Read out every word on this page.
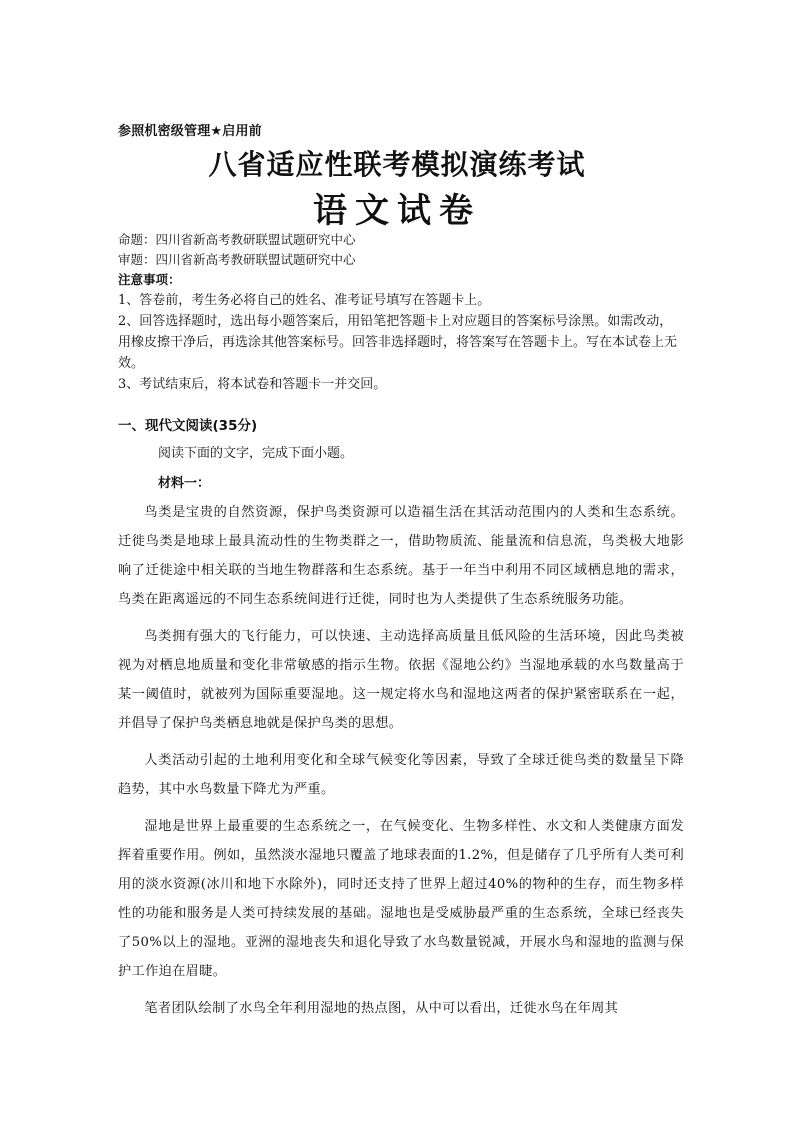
参照机密级管理★启用前
八省适应性联考模拟演练考试
语文试卷
命题：四川省新高考教研联盟试题研究中心
审题：四川省新高考教研联盟试题研究中心
注意事项：

1、答卷前，考生务必将自己的姓名、准考证号填写在答题卡上。

2、回答选择题时，选出每小题答案后，用铅笔把答题卡上对应题目的答案标号涂黑。如需改动，用橡皮擦干净后，再选涂其他答案标号。回答非选择题时，将答案写在答题卡上。写在本试卷上无效。

3、考试结束后，将本试卷和答题卡一并交回。

一、现代文阅读(35分)
阅读下面的文字，完成下面小题。
材料一：

鸟类是宝贵的自然资源，保护鸟类资源可以造福生活在其活动范围内的人类和生态系统。迁徙鸟类是地球上最具流动性的生物类群之一，借助物质流、能量流和信息流，鸟类极大地影响了迁徙途中相关联的当地生物群落和生态系统。基于一年当中利用不同区域栖息地的需求，鸟类在距离遥远的不同生态系统间进行迁徙，同时也为人类提供了生态系统服务功能。

鸟类拥有强大的飞行能力，可以快速、主动选择高质量且低风险的生活环境，因此鸟类被视为对栖息地质量和变化非常敏感的指示生物。依据《湿地公约》当湿地承载的水鸟数量高于某一阈值时，就被列为国际重要湿地。这一规定将水鸟和湿地这两者的保护紧密联系在一起，并倡导了保护鸟类栖息地就是保护鸟类的思想。

人类活动引起的土地利用变化和全球气候变化等因素，导致了全球迁徙鸟类的数量呈下降趋势，其中水鸟数量下降尤为严重。

湿地是世界上最重要的生态系统之一，在气候变化、生物多样性、水文和人类健康方面发挥着重要作用。例如，虽然淡水湿地只覆盖了地球表面的1.2%，但是储存了几乎所有人类可利用的淡水资源(冰川和地下水除外)，同时还支持了世界上超过40%的物种的生存，而生物多样性的功能和服务是人类可持续发展的基础。湿地也是受威胁最严重的生态系统，全球已经丧失了50%以上的湿地。亚洲的湿地丧失和退化导致了水鸟数量锐减，开展水鸟和湿地的监测与保护工作迫在眉睫。

笔者团队绘制了水鸟全年利用湿地的热点图，从中可以看出，迁徙水鸟在年周其
